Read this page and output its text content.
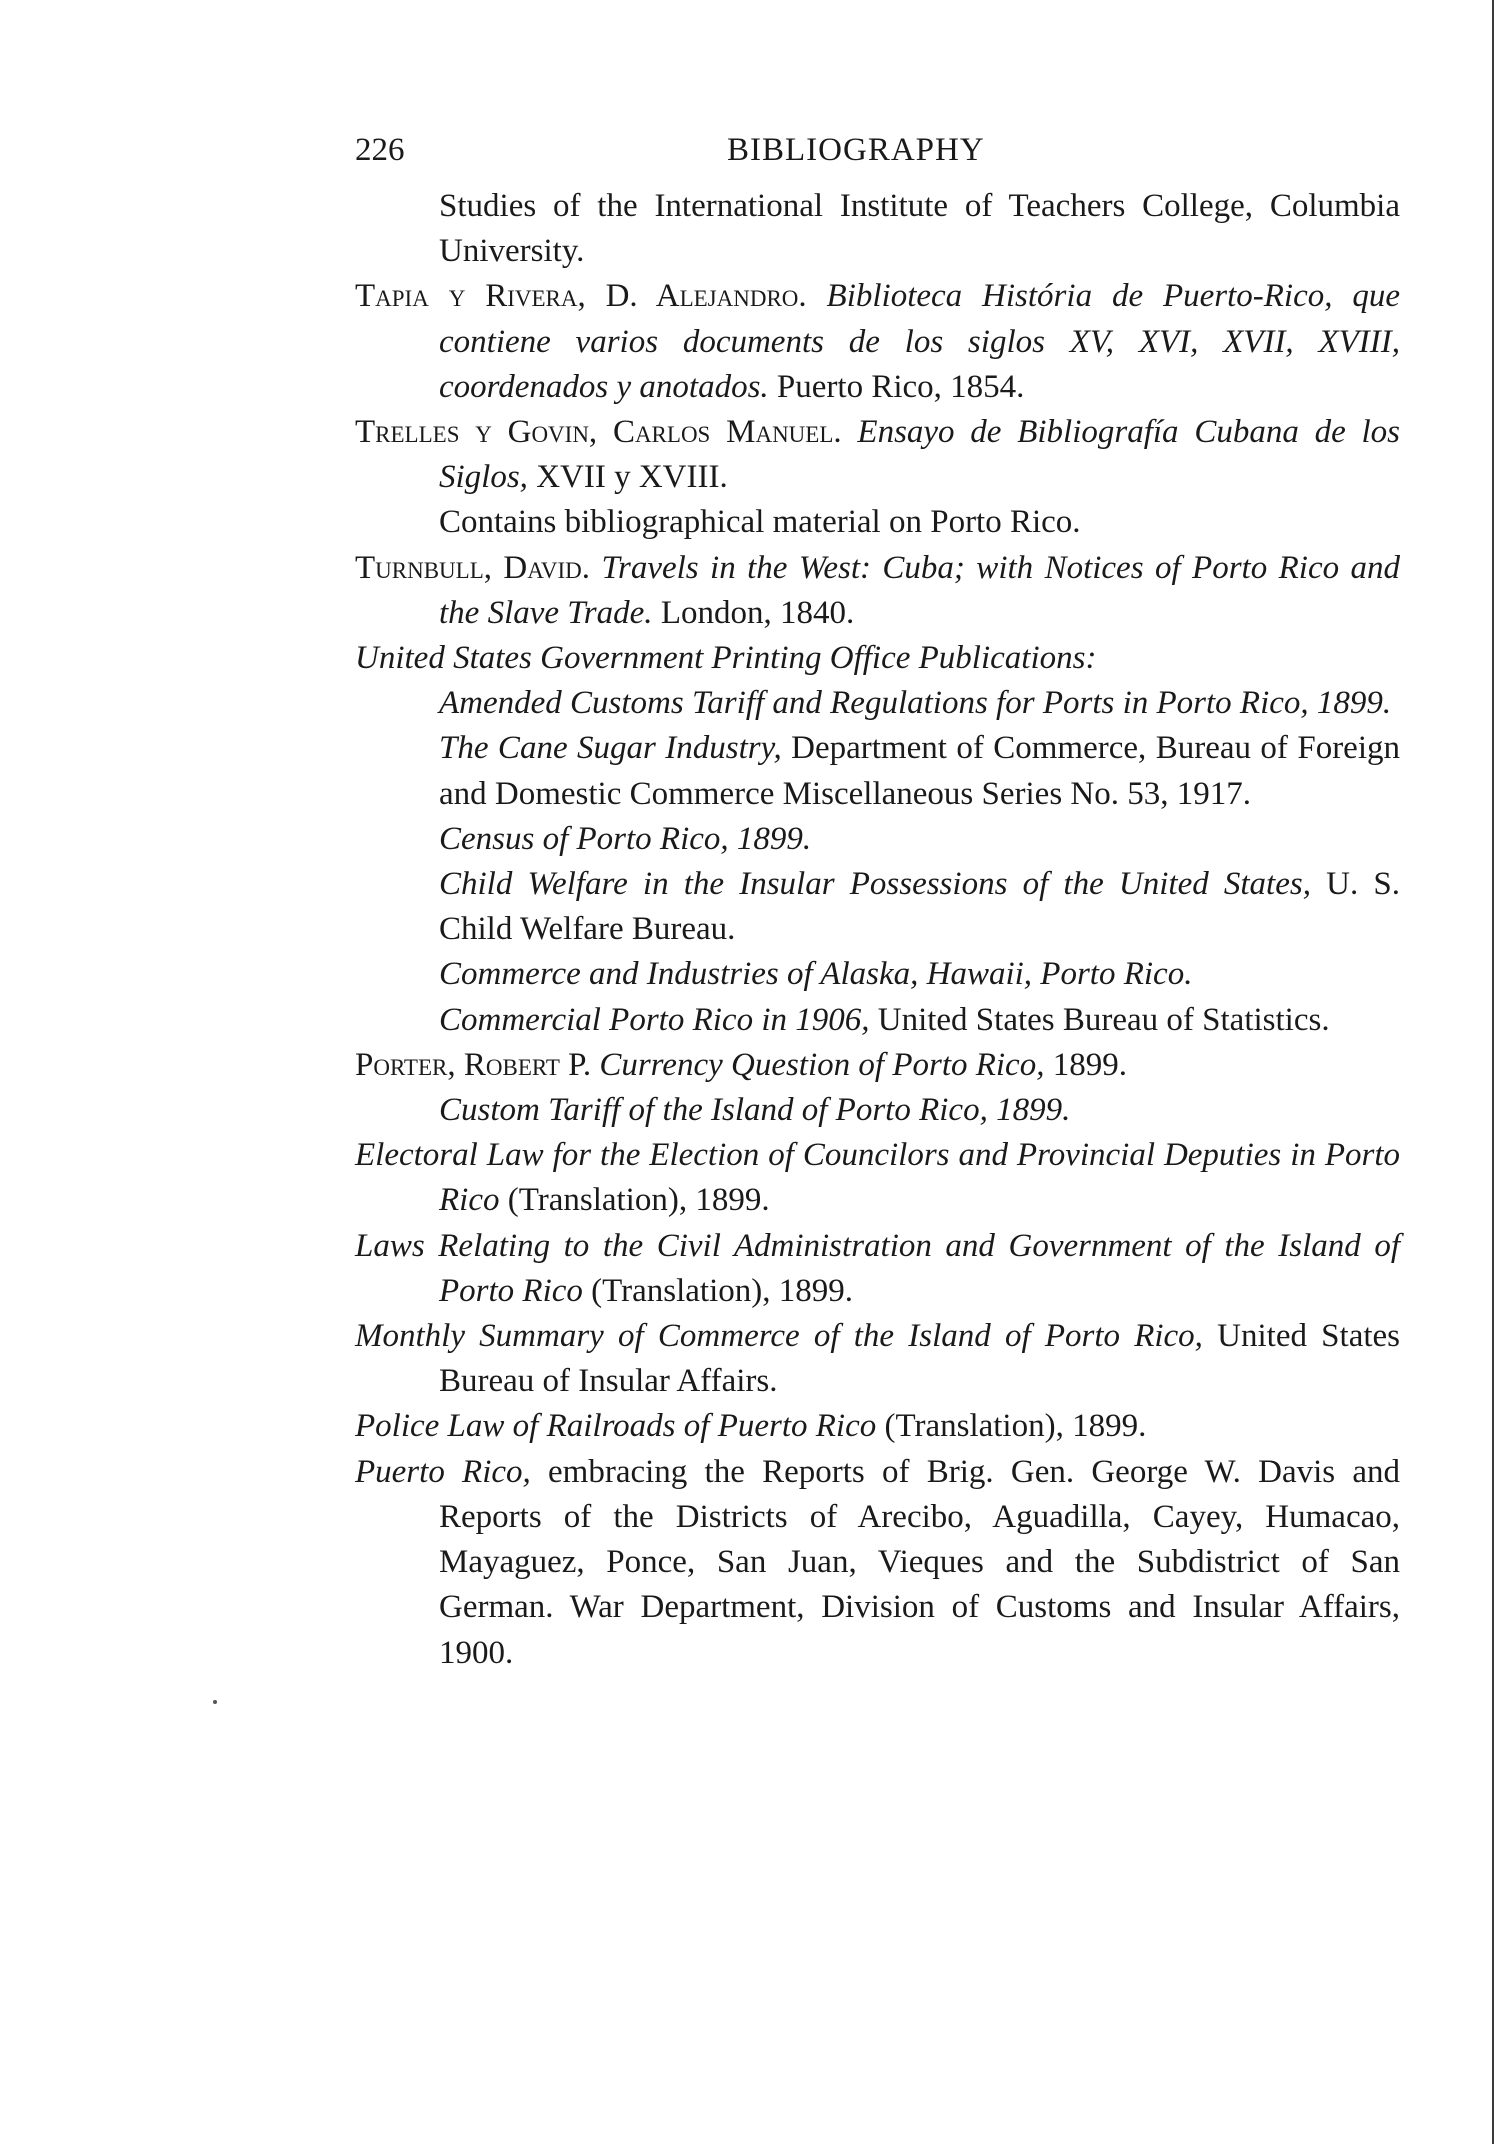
226	BIBLIOGRAPHY

Studies of the International Institute of Teachers College, Columbia University.

Tapia y Rivera, D. Alejandro. Biblioteca História de Puerto-Rico, que contiene varios documents de los siglos XV, XVI, XVII, XVIII, coordenados y anotados. Puerto Rico, 1854.

Trelles y Govin, Carlos Manuel. Ensayo de Bibliografía Cubana de los Siglos, XVII y XVIII.

Contains bibliographical material on Porto Rico.

Turnbull, David. Travels in the West: Cuba; with Notices of Porto Rico and the Slave Trade. London, 1840.

United States Government Printing Office Publications:

Amended Customs Tariff and Regulations for Ports in Porto Rico, 1899.

The Cane Sugar Industry, Department of Commerce, Bureau of Foreign and Domestic Commerce Miscellaneous Series No. 53, 1917.

Census of Porto Rico, 1899.

Child Welfare in the Insular Possessions of the United States, U. S. Child Welfare Bureau.

Commerce and Industries of Alaska, Hawaii, Porto Rico.

Commercial Porto Rico in 1906, United States Bureau of Statistics.

Porter, Robert P. Currency Question of Porto Rico, 1899.

Custom Tariff of the Island of Porto Rico, 1899.

Electoral Law for the Election of Councilors and Provincial Deputies in Porto Rico (Translation), 1899.

Laws Relating to the Civil Administration and Government of the Island of Porto Rico (Translation), 1899.

Monthly Summary of Commerce of the Island of Porto Rico, United States Bureau of Insular Affairs.

Police Law of Railroads of Puerto Rico (Translation), 1899.

Puerto Rico, embracing the Reports of Brig. Gen. George W. Davis and Reports of the Districts of Arecibo, Aguadilla, Cayey, Humacao, Mayaguez, Ponce, San Juan, Vieques and the Subdistrict of San German. War Department, Division of Customs and Insular Affairs, 1900.
